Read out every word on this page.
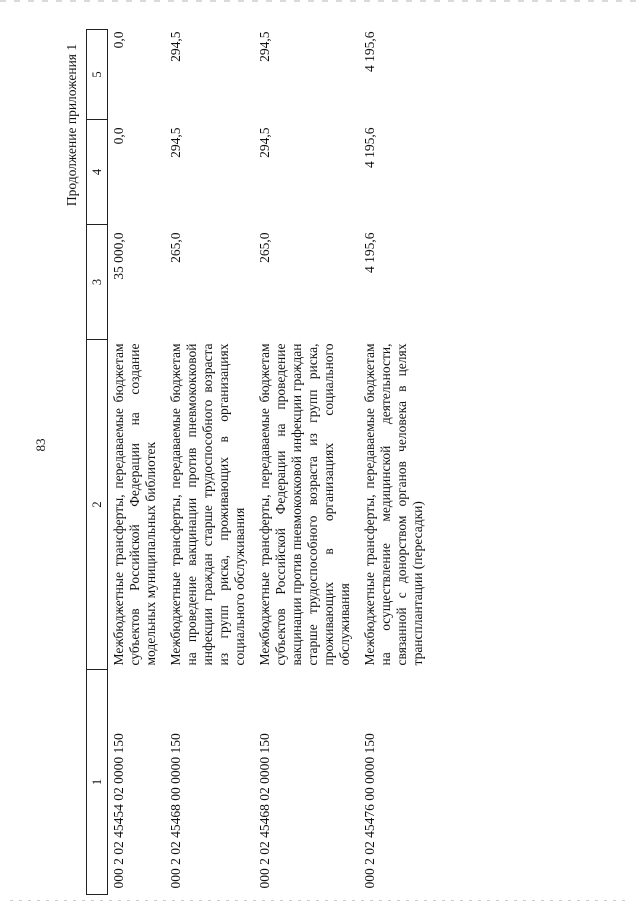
83
Продолжение приложения 1
1	2	3	4	5
000 2 02 45454 02 0000 150	Межбюджетные трансферты, передаваемые бюджетам субъектов Российской Федерации на создание модельных муниципальных библиотек	35 000,0	0,0	0,0
000 2 02 45468 00 0000 150	Межбюджетные трансферты, передаваемые бюджетам на проведение вакцинации против пневмококковой инфекции граждан старше трудоспособного возраста из групп риска, проживающих в организациях социального обслуживания	265,0	294,5	294,5
000 2 02 45468 02 0000 150	Межбюджетные трансферты, передаваемые бюджетам субъектов Российской Федерации на проведение вакцинации против пневмококковой инфекции граждан старше трудоспособного возраста из групп риска, проживающих в организациях социального обслуживания	265,0	294,5	294,5
000 2 02 45476 00 0000 150	Межбюджетные трансферты, передаваемые бюджетам на осуществление медицинской деятельности, связанной с донорством органов человека в целях трансплантации (пересадки)	4 195,6	4 195,6	4 195,6
